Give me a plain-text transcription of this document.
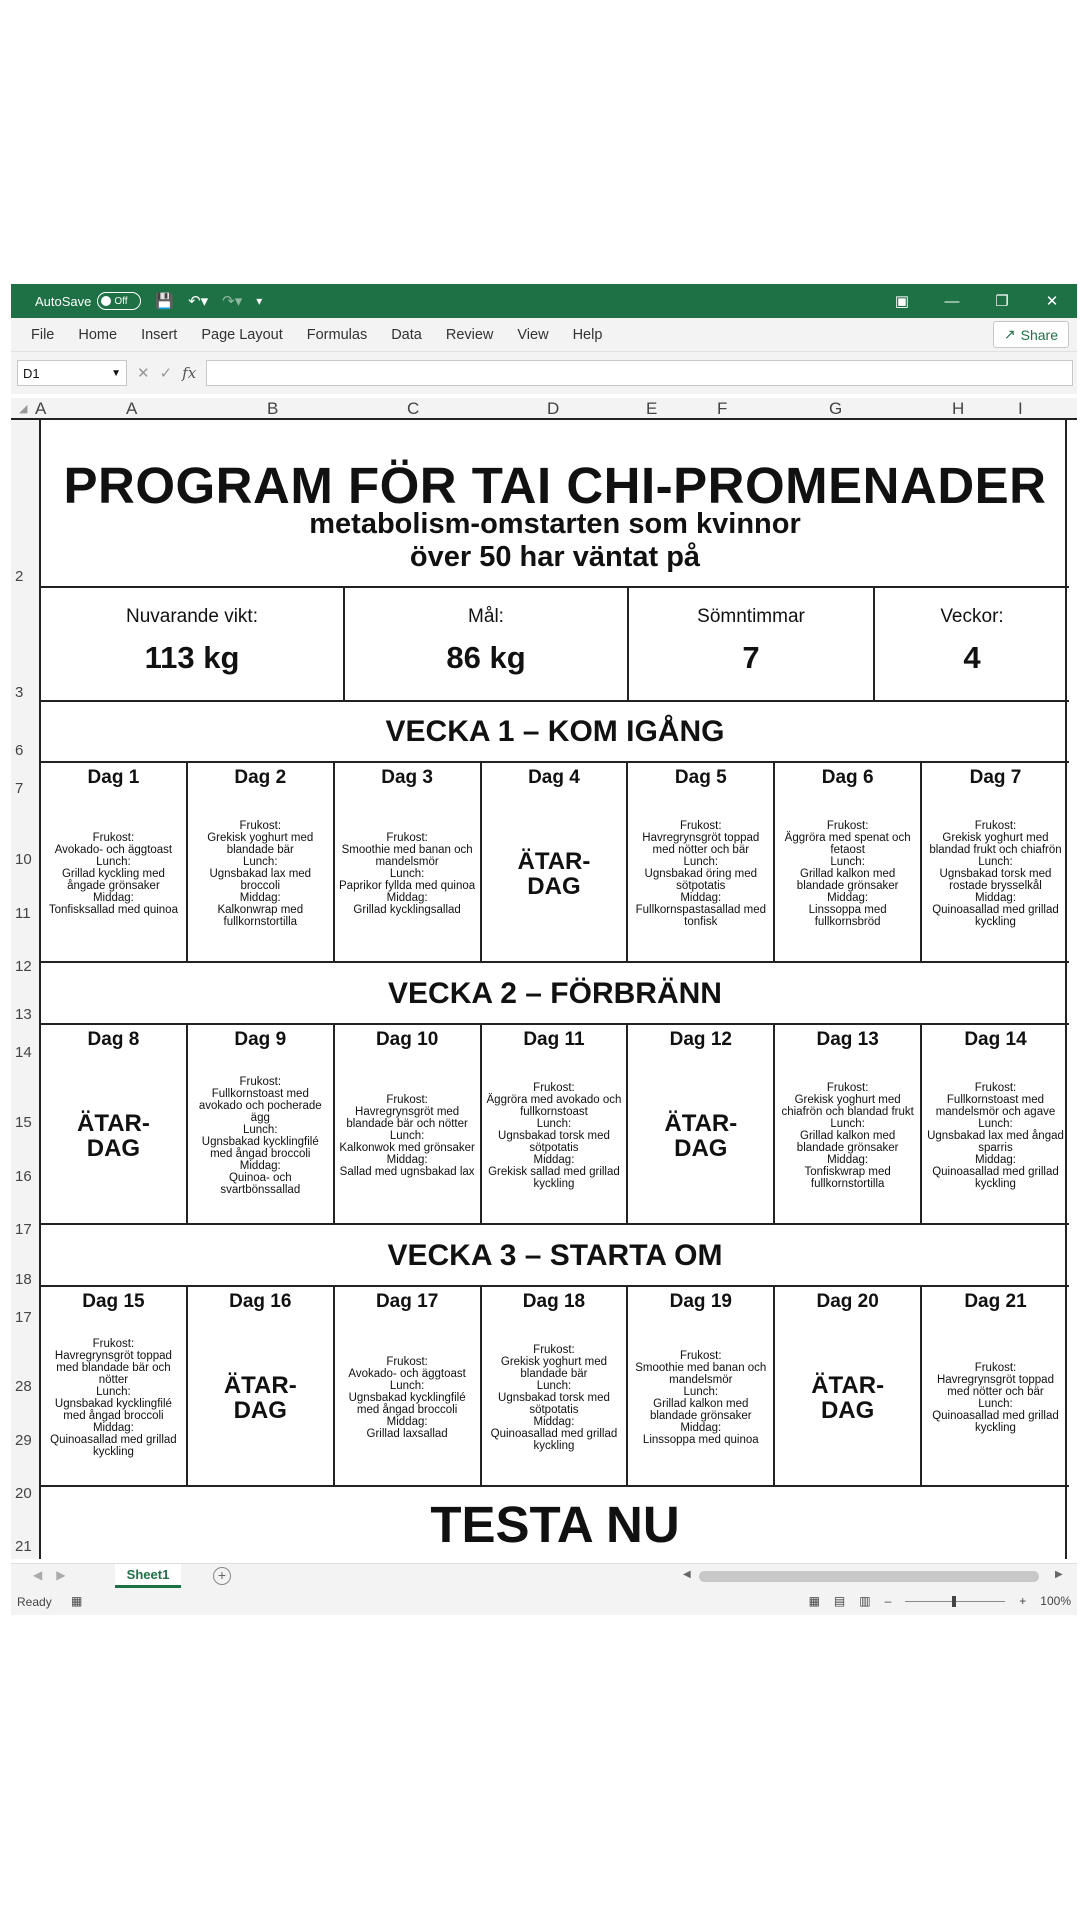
AutoSave Off 💾 ↶▾ ↷▾ ▾	▣	—	❐	✕
File Home Insert Page Layout Formulas Data Review View Help	↗ Share
D1	▼ ✕ ✓ fx
◢ A	A	B	C	D	E	F	G	H	I
2
3
6
7
10
11
12
13
14
15
16
17
18
17
28
29
20
21
PROGRAM FÖR TAI CHI-PROMENADER
metabolism-omstarten som kvinnor
över 50 har väntat på
Nuvarande vikt:
113 kg
Mål:
86 kg
Sömntimmar
7
Veckor:
4
VECKA 1 – KOM IGÅNG
Dag 1
Frukost:
Avokado- och äggtoast
Lunch:
Grillad kyckling med ångade grönsaker
Middag:
Tonfisksallad med quinoa
Dag 2
Frukost:
Grekisk yoghurt med blandade bär
Lunch:
Ugnsbakad lax med broccoli
Middag:
Kalkonwrap med fullkornstortilla
Dag 3
Frukost:
Smoothie med banan och mandelsmör
Lunch:
Paprikor fyllda med quinoa
Middag:
Grillad kycklingsallad
Dag 4
ÄTAR-
DAG
Dag 5
Frukost:
Havregrynsgröt toppad med nötter och bär
Lunch:
Ugnsbakad öring med sötpotatis
Middag:
Fullkornspastasallad med tonfisk
Dag 6
Frukost:
Äggröra med spenat och fetaost
Lunch:
Grillad kalkon med blandade grönsaker
Middag:
Linssoppa med fullkornsbröd
Dag 7
Frukost:
Grekisk yoghurt med blandad frukt och chiafrön
Lunch:
Ugnsbakad torsk med rostade brysselkål
Middag:
Quinoasallad med grillad kyckling
VECKA 2 – FÖRBRÄNN
Dag 8
ÄTAR-
DAG
Dag 9
Frukost:
Fullkornstoast med avokado och pocherade ägg
Lunch:
Ugnsbakad kycklingfilé med ångad broccoli
Middag:
Quinoa- och svartbönssallad
Dag 10
Frukost:
Havregrynsgröt med blandade bär och nötter
Lunch:
Kalkonwok med grönsaker
Middag:
Sallad med ugnsbakad lax
Dag 11
Frukost:
Äggröra med avokado och fullkornstoast
Lunch:
Ugnsbakad torsk med sötpotatis
Middag:
Grekisk sallad med grillad kyckling
Dag 12
ÄTAR-
DAG
Dag 13
Frukost:
Grekisk yoghurt med chiafrön och blandad frukt
Lunch:
Grillad kalkon med blandade grönsaker
Middag:
Tonfiskwrap med fullkornstortilla
Dag 14
Frukost:
Fullkornstoast med mandelsmör och agave
Lunch:
Ugnsbakad lax med ångad sparris
Middag:
Quinoasallad med grillad kyckling
VECKA 3 – STARTA OM
Dag 15
Frukost:
Havregrynsgröt toppad med blandade bär och nötter
Lunch:
Ugnsbakad kycklingfilé med ångad broccoli
Middag:
Quinoasallad med grillad kyckling
Dag 16
ÄTAR-
DAG
Dag 17
Frukost:
Avokado- och äggtoast
Lunch:
Ugnsbakad kycklingfilé med ångad broccoli
Middag:
Grillad laxsallad
Dag 18
Frukost:
Grekisk yoghurt med blandade bär
Lunch:
Ugnsbakad torsk med sötpotatis
Middag:
Quinoasallad med grillad kyckling
Dag 19
Frukost:
Smoothie med banan och mandelsmör
Lunch:
Grillad kalkon med blandade grönsaker
Middag:
Linssoppa med quinoa
Dag 20
ÄTAR-
DAG
Dag 21
Frukost:
Havregrynsgröt toppad med nötter och bär
Lunch:
Quinoasallad med grillad kyckling
TESTA NU
◀▶	Sheet1	+	◀	▶
Ready ▦	▦ ▤ ▥ –	+ 100%
